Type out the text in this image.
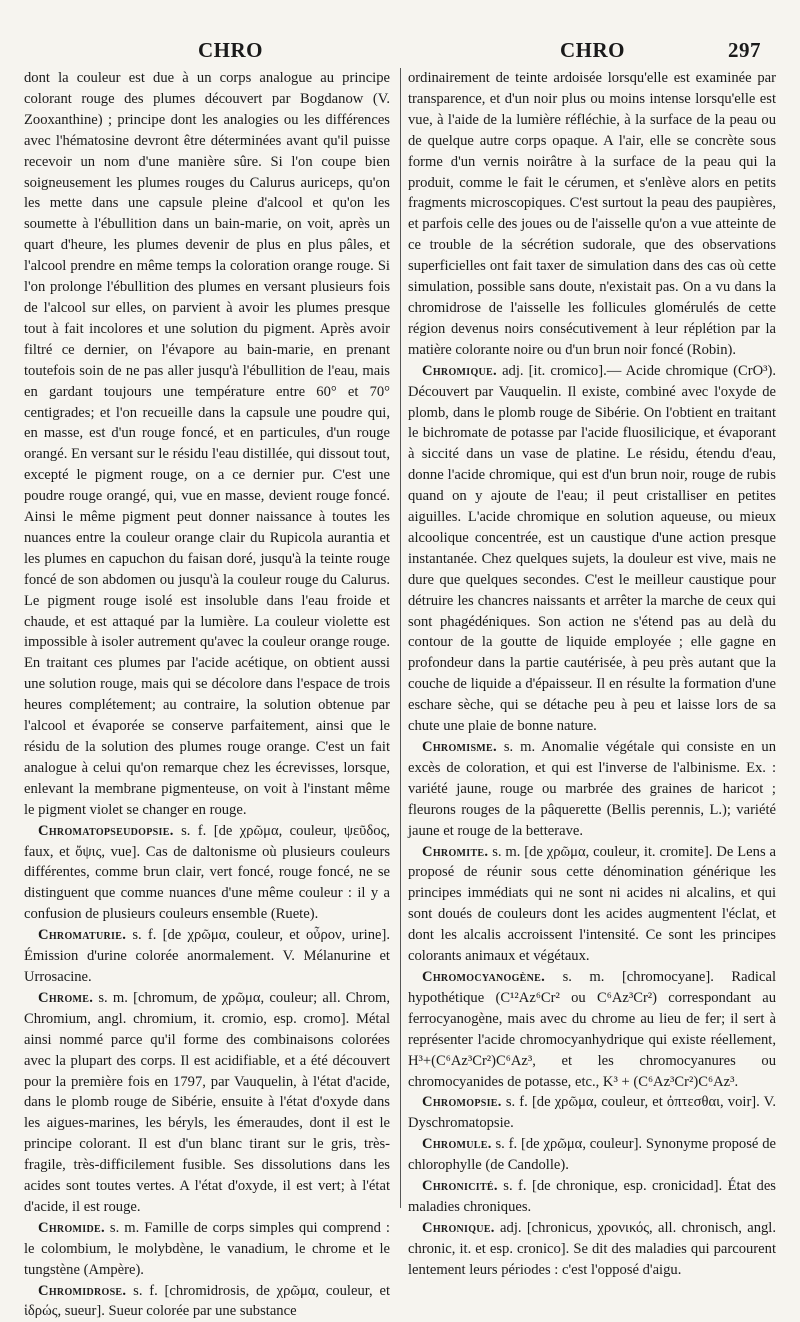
CHRO	CHRO	297

dont la couleur est due à un corps analogue au principe colorant rouge des plumes découvert par Bogdanow (V. Zooxanthine) ; principe dont les analogies ou les différences avec l'hématosine devront être déterminées avant qu'il puisse recevoir un nom d'une manière sûre. Si l'on coupe bien soigneusement les plumes rouges du Calurus auriceps, qu'on les mette dans une capsule pleine d'alcool et qu'on les soumette à l'ébullition dans un bain-marie, on voit, après un quart d'heure, les plumes devenir de plus en plus pâles, et l'alcool prendre en même temps la coloration orange rouge. Si l'on prolonge l'ébullition des plumes en versant plusieurs fois de l'alcool sur elles, on parvient à avoir les plumes presque tout à fait incolores et une solution du pigment. Après avoir filtré ce dernier, on l'évapore au bain-marie, en prenant toutefois soin de ne pas aller jusqu'à l'ébullition de l'eau, mais en gardant toujours une température entre 60° et 70° centigrades; et l'on recueille dans la capsule une poudre qui, en masse, est d'un rouge foncé, et en particules, d'un rouge orangé. En versant sur le résidu l'eau distillée, qui dissout tout, excepté le pigment rouge, on a ce dernier pur. C'est une poudre rouge orangé, qui, vue en masse, devient rouge foncé. Ainsi le même pigment peut donner naissance à toutes les nuances entre la couleur orange clair du Rupicola aurantia et les plumes en capuchon du faisan doré, jusqu'à la teinte rouge foncé de son abdomen ou jusqu'à la couleur rouge du Calurus. Le pigment rouge isolé est insoluble dans l'eau froide et chaude, et est attaqué par la lumière. La couleur violette est impossible à isoler autrement qu'avec la couleur orange rouge. En traitant ces plumes par l'acide acétique, on obtient aussi une solution rouge, mais qui se décolore dans l'espace de trois heures complétement; au contraire, la solution obtenue par l'alcool et évaporée se conserve parfaitement, ainsi que le résidu de la solution des plumes rouge orange. C'est un fait analogue à celui qu'on remarque chez les écrevisses, lorsque, enlevant la membrane pigmenteuse, on voit à l'instant même le pigment violet se changer en rouge.

Chromatopseudopsie. s. f. [de χρῶμα, couleur, ψεῦδος, faux, et ὄψις, vue]. Cas de daltonisme où plusieurs couleurs différentes, comme brun clair, vert foncé, rouge foncé, ne se distinguent que comme nuances d'une même couleur : il y a confusion de plusieurs couleurs ensemble (Ruete).

Chromaturie. s. f. [de χρῶμα, couleur, et οὖρον, urine]. Émission d'urine colorée anormalement. V. Mélanurine et Urrosacine.

Chrome. s. m. [chromum, de χρῶμα, couleur; all. Chrom, Chromium, angl. chromium, it. cromio, esp. cromo]. Métal ainsi nommé parce qu'il forme des combinaisons colorées avec la plupart des corps. Il est acidifiable, et a été découvert pour la première fois en 1797, par Vauquelin, à l'état d'acide, dans le plomb rouge de Sibérie, ensuite à l'état d'oxyde dans les aigues-marines, les béryls, les émeraudes, dont il est le principe colorant. Il est d'un blanc tirant sur le gris, très-fragile, très-difficilement fusible. Ses dissolutions dans les acides sont toutes vertes. A l'état d'oxyde, il est vert; à l'état d'acide, il est rouge.

Chromide. s. m. Famille de corps simples qui comprend : le colombium, le molybdène, le vanadium, le chrome et le tungstène (Ampère).

Chromidrose. s. f. [chromidrosis, de χρῶμα, couleur, et ἱδρώς, sueur]. Sueur colorée par une substance

ordinairement de teinte ardoisée lorsqu'elle est examinée par transparence, et d'un noir plus ou moins intense lorsqu'elle est vue, à l'aide de la lumière réfléchie, à la surface de la peau ou de quelque autre corps opaque. A l'air, elle se concrète sous forme d'un vernis noirâtre à la surface de la peau qui la produit, comme le fait le cérumen, et s'enlève alors en petits fragments microscopiques. C'est surtout la peau des paupières, et parfois celle des joues ou de l'aisselle qu'on a vue atteinte de ce trouble de la sécrétion sudorale, que des observations superficielles ont fait taxer de simulation dans des cas où cette simulation, possible sans doute, n'existait pas. On a vu dans la chromidrose de l'aisselle les follicules glomérulés de cette région devenus noirs consécutivement à leur réplétion par la matière colorante noire ou d'un brun noir foncé (Robin).

Chromique. adj. [it. cromico].— Acide chromique (CrO³). Découvert par Vauquelin. Il existe, combiné avec l'oxyde de plomb, dans le plomb rouge de Sibérie. On l'obtient en traitant le bichromate de potasse par l'acide fluosilicique, et évaporant à siccité dans un vase de platine. Le résidu, étendu d'eau, donne l'acide chromique, qui est d'un brun noir, rouge de rubis quand on y ajoute de l'eau; il peut cristalliser en petites aiguilles. L'acide chromique en solution aqueuse, ou mieux alcoolique concentrée, est un caustique d'une action presque instantanée. Chez quelques sujets, la douleur est vive, mais ne dure que quelques secondes. C'est le meilleur caustique pour détruire les chancres naissants et arrêter la marche de ceux qui sont phagédéniques. Son action ne s'étend pas au delà du contour de la goutte de liquide employée ; elle gagne en profondeur dans la partie cautérisée, à peu près autant que la couche de liquide a d'épaisseur. Il en résulte la formation d'une eschare sèche, qui se détache peu à peu et laisse lors de sa chute une plaie de bonne nature.

Chromisme. s. m. Anomalie végétale qui consiste en un excès de coloration, et qui est l'inverse de l'albinisme. Ex. : variété jaune, rouge ou marbrée des graines de haricot ; fleurons rouges de la pâquerette (Bellis perennis, L.); variété jaune et rouge de la betterave.

Chromite. s. m. [de χρῶμα, couleur, it. cromite]. De Lens a proposé de réunir sous cette dénomination générique les principes immédiats qui ne sont ni acides ni alcalins, et qui sont doués de couleurs dont les acides augmentent l'éclat, et dont les alcalis accroissent l'intensité. Ce sont les principes colorants animaux et végétaux.

Chromocyanogène. s. m. [chromocyane]. Radical hypothétique (C¹²Az⁶Cr² ou C⁶Az³Cr²) correspondant au ferrocyanogène, mais avec du chrome au lieu de fer; il sert à représenter l'acide chromocyanhydrique qui existe réellement, H³+(C⁶Az³Cr²)C⁶Az³, et les chromocyanures ou chromocyanides de potasse, etc., K³ + (C⁶Az³Cr²)C⁶Az³.

Chromopsie. s. f. [de χρῶμα, couleur, et ὀπτεσθαι, voir]. V. Dyschromatopsie.

Chromule. s. f. [de χρῶμα, couleur]. Synonyme proposé de chlorophylle (de Candolle).

Chronicité. s. f. [de chronique, esp. cronicidad]. État des maladies chroniques.

Chronique. adj. [chronicus, χρονικός, all. chronisch, angl. chronic, it. et esp. cronico]. Se dit des maladies qui parcourent lentement leurs périodes : c'est l'opposé d'aigu.
